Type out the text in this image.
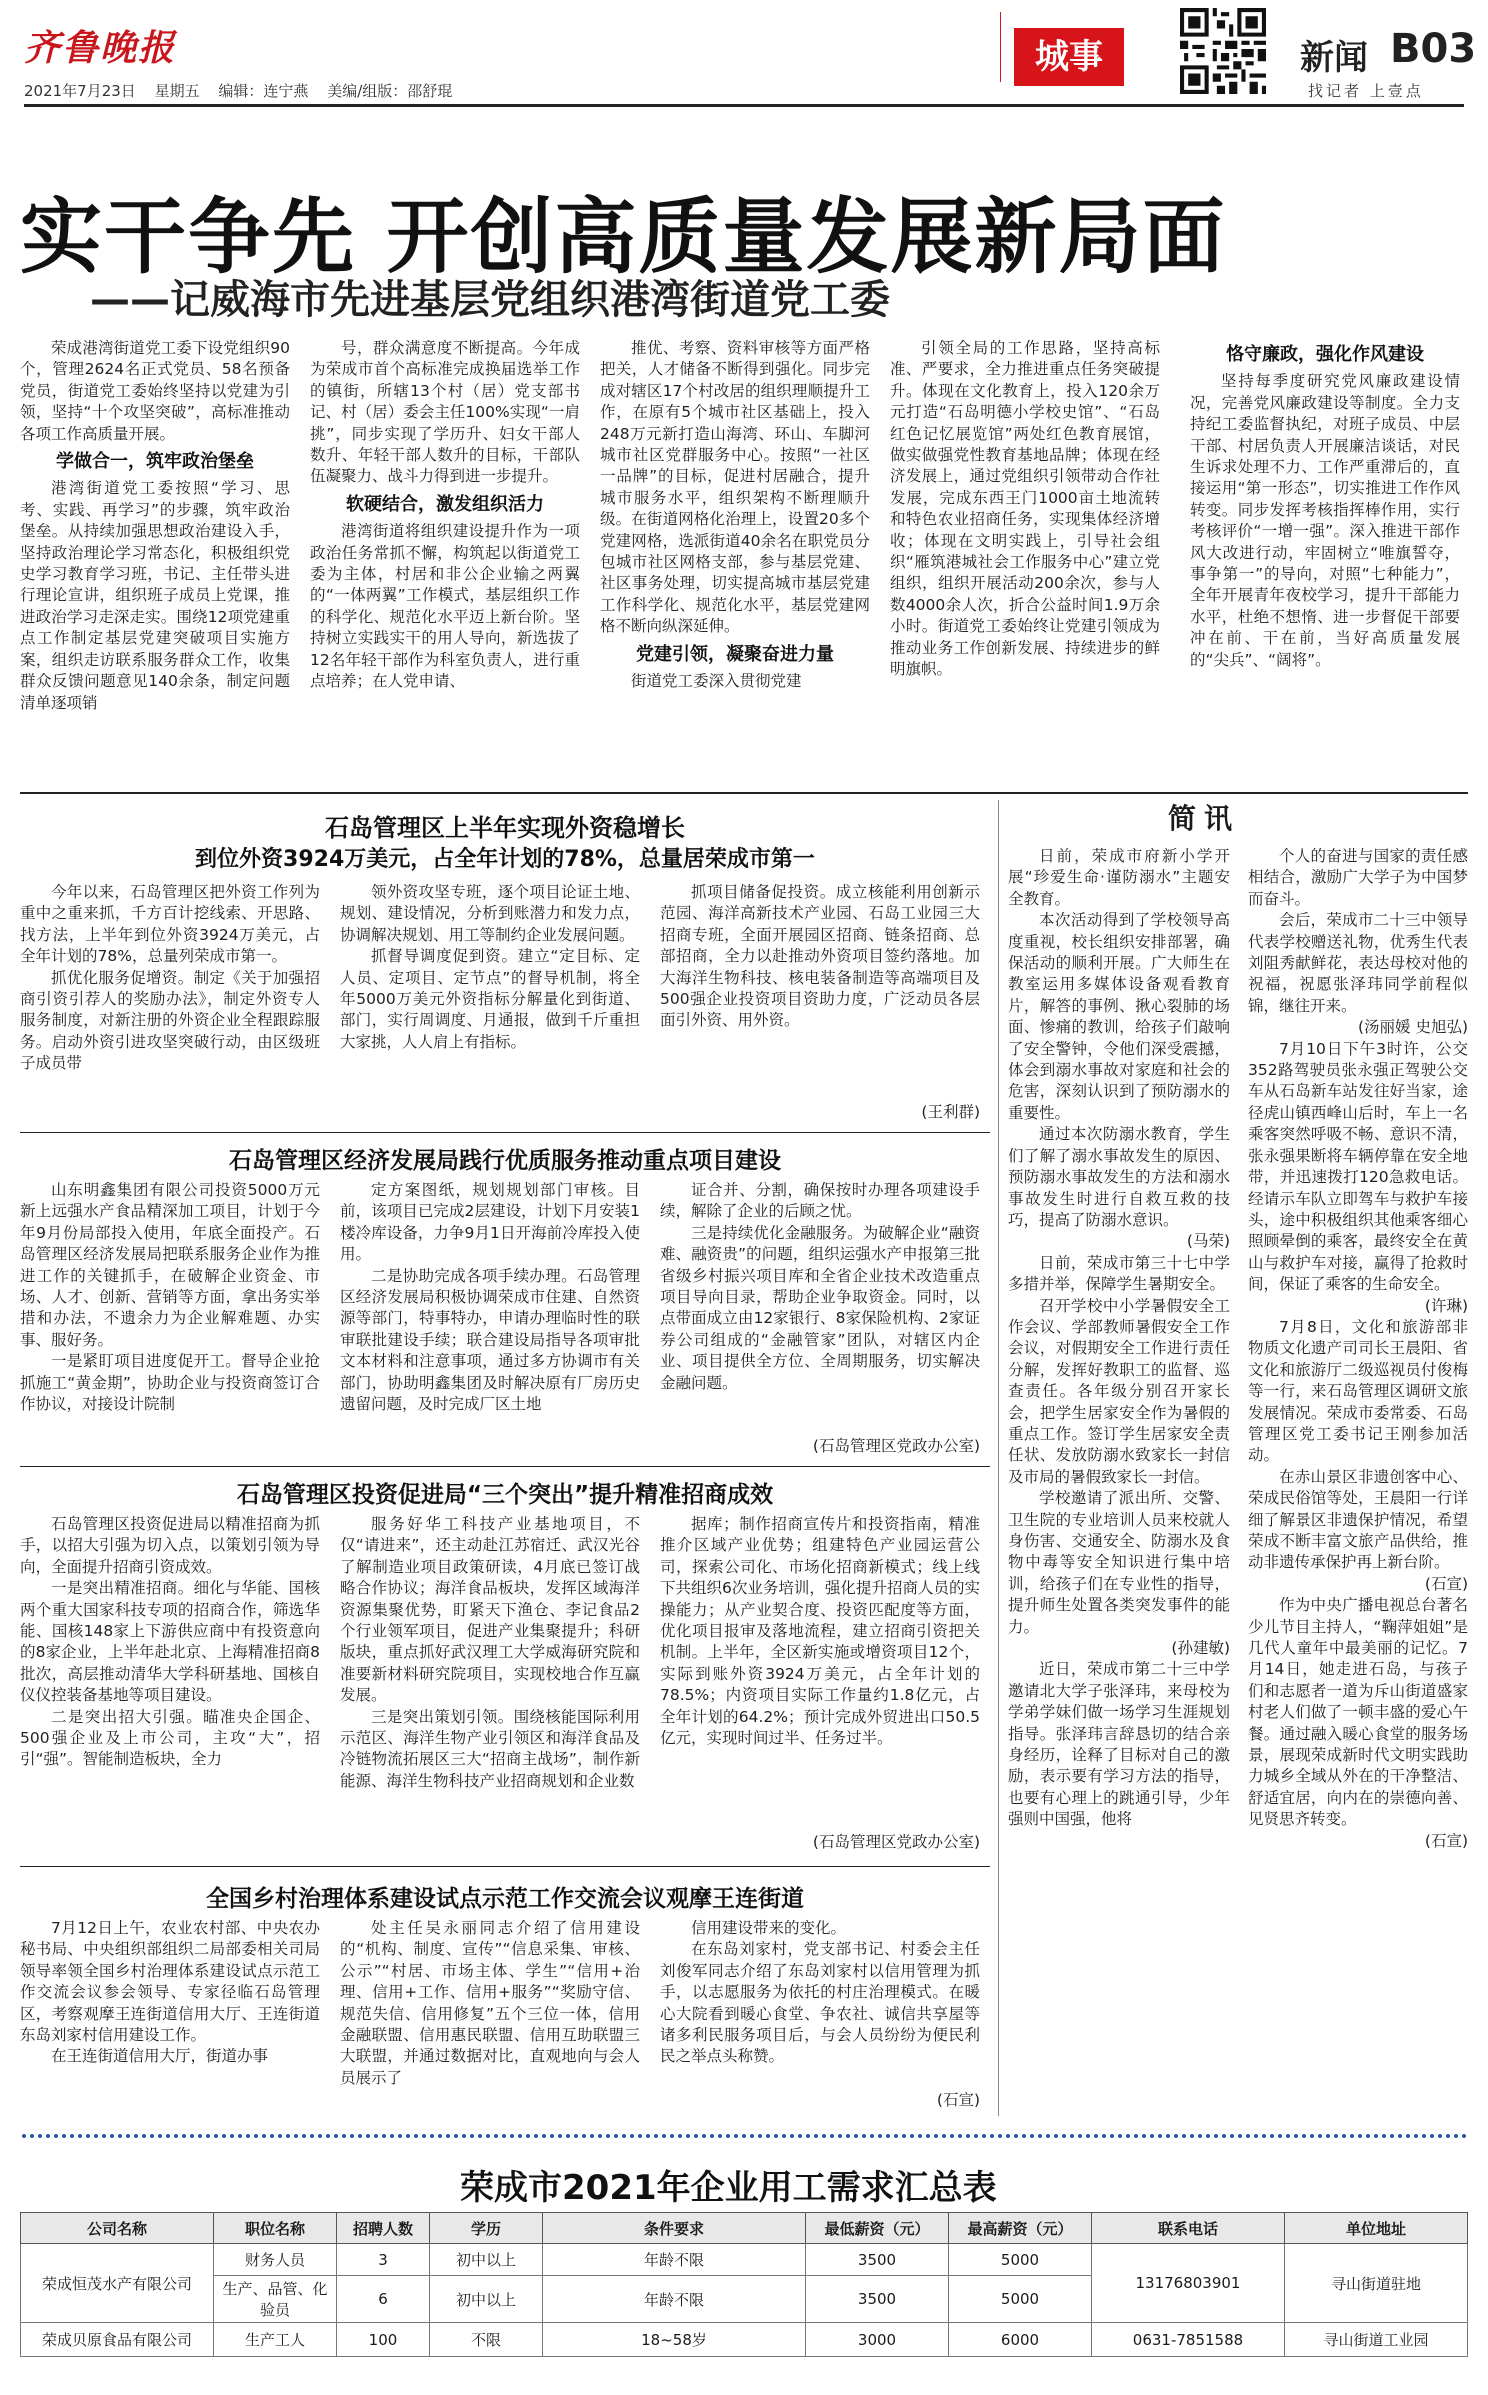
齐鲁晚报
2021年7月23日 星期五 编辑：连宁燕 美编/组版：邵舒琨
城事	新闻 B03
找记者 上壹点
实干争先 开创高质量发展新局面
——记威海市先进基层党组织港湾街道党工委

荣成港湾街道党工委下设党组织90个，管理2624名正式党员、58名预备党员，街道党工委始终坚持以党建为引领，坚持“十个攻坚突破”，高标准推动各项工作高质量开展。

学做合一，筑牢政治堡垒

港湾街道党工委按照“学习、思考、实践、再学习”的步骤，筑牢政治堡垒。从持续加强思想政治建设入手，坚持政治理论学习常态化，积极组织党史学习教育学习班，书记、主任带头进行理论宣讲，组织班子成员上党课，推进政治学习走深走实。围绕12项党建重点工作制定基层党建突破项目实施方案，组织走访联系服务群众工作，收集群众反馈问题意见140余条，制定问题清单逐项销

号，群众满意度不断提高。今年成为荣成市首个高标准完成换届选举工作的镇街，所辖13个村（居）党支部书记、村（居）委会主任100%实现“一肩挑”，同步实现了学历升、妇女干部人数升、年轻干部人数升的目标，干部队伍凝聚力、战斗力得到进一步提升。

软硬结合，激发组织活力

港湾街道将组织建设提升作为一项政治任务常抓不懈，构筑起以街道党工委为主体，村居和非公企业输之两翼的“一体两翼”工作模式，基层组织工作的科学化、规范化水平迈上新台阶。坚持树立实践实干的用人导向，新选拔了12名年轻干部作为科室负责人，进行重点培养；在人党申请、

推优、考察、资料审核等方面严格把关，人才储备不断得到强化。同步完成对辖区17个村改居的组织理顺提升工作，在原有5个城市社区基础上，投入248万元新打造山海湾、环山、车脚河城市社区党群服务中心。按照“一社区一品牌”的目标，促进村居融合，提升城市服务水平，组织架构不断理顺升级。在街道网格化治理上，设置20多个党建网格，选派街道40余名在职党员分包城市社区网格支部，参与基层党建、社区事务处理，切实提高城市基层党建工作科学化、规范化水平，基层党建网格不断向纵深延伸。

党建引领，凝聚奋进力量

街道党工委深入贯彻党建

引领全局的工作思路，坚持高标准、严要求，全力推进重点任务突破提升。体现在文化教育上，投入120余万元打造“石岛明德小学校史馆”、“石岛红色记忆展览馆”两处红色教育展馆，做实做强党性教育基地品牌；体现在经济发展上，通过党组织引领带动合作社发展，完成东西王门1000亩土地流转和特色农业招商任务，实现集体经济增收；体现在文明实践上，引导社会组织“雁筑港城社会工作服务中心”建立党组织，组织开展活动200余次，参与人数4000余人次，折合公益时间1.9万余小时。街道党工委始终让党建引领成为推动业务工作创新发展、持续进步的鲜明旗帜。

恪守廉政，强化作风建设

坚持每季度研究党风廉政建设情况，完善党风廉政建设等制度。全力支持纪工委监督执纪，对班子成员、中层干部、村居负责人开展廉洁谈话，对民生诉求处理不力、工作严重滞后的，直接运用“第一形态”，切实推进工作作风转变。同步发挥考核指挥棒作用，实行考核评价“一增一强”。深入推进干部作风大改进行动，牢固树立“唯旗誓夺，事争第一”的导向，对照“七种能力”，全年开展青年夜校学习，提升干部能力水平，杜绝不想惰、进一步督促干部要冲在前、干在前，当好高质量发展的“尖兵”、“阔将”。

石岛管理区上半年实现外资稳增长
到位外资3924万美元，占全年计划的78%，总量居荣成市第一

今年以来，石岛管理区把外资工作列为重中之重来抓，千方百计挖线索、开思路、找方法，上半年到位外资3924万美元，占全年计划的78%，总量列荣成市第一。

抓优化服务促增资。制定《关于加强招商引资引荐人的奖励办法》，制定外资专人服务制度，对新注册的外资企业全程跟踪服务。启动外资引进攻坚突破行动，由区级班子成员带

领外资攻坚专班，逐个项目论证土地、规划、建设情况，分析到账潜力和发力点，协调解决规划、用工等制约企业发展问题。

抓督导调度促到资。建立“定目标、定人员、定项目、定节点”的督导机制，将全年5000万美元外资指标分解量化到街道、部门，实行周调度、月通报，做到千斤重担大家挑，人人肩上有指标。

抓项目储备促投资。成立核能利用创新示范园、海洋高新技术产业园、石岛工业园三大招商专班，全面开展园区招商、链条招商、总部招商，全力以赴推动外资项目签约落地。加大海洋生物科技、核电装备制造等高端项目及500强企业投资项目资助力度，广泛动员各层面引外资、用外资。

(王利群)

石岛管理区经济发展局践行优质服务推动重点项目建设

山东明鑫集团有限公司投资5000万元新上远强水产食品精深加工项目，计划于今年9月份局部投入使用，年底全面投产。石岛管理区经济发展局把联系服务企业作为推进工作的关键抓手，在破解企业资金、市场、人才、创新、营销等方面，拿出务实举措和办法，不遗余力为企业解难题、办实事、服好务。

一是紧盯项目进度促开工。督导企业抢抓施工“黄金期”，协助企业与投资商签订合作协议，对接设计院制

定方案图纸，规划规划部门审核。目前，该项目已完成2层建设，计划下月安装1楼冷库设备，力争9月1日开海前冷库投入使用。

二是协助完成各项手续办理。石岛管理区经济发展局积极协调荣成市住建、自然资源等部门，特事特办，申请办理临时性的联审联批建设手续；联合建设局指导各项审批文本材料和注意事项，通过多方协调市有关部门，协助明鑫集团及时解决原有厂房历史遗留问题，及时完成厂区土地

证合并、分割，确保按时办理各项建设手续，解除了企业的后顾之忧。

三是持续优化金融服务。为破解企业“融资难、融资贵”的问题，组织运强水产申报第三批省级乡村振兴项目库和全省企业技术改造重点项目导向目录，帮助企业争取资金。同时，以点带面成立由12家银行、8家保险机构、2家证券公司组成的“金融管家”团队，对辖区内企业、项目提供全方位、全周期服务，切实解决金融问题。

(石岛管理区党政办公室)

石岛管理区投资促进局“三个突出”提升精准招商成效

石岛管理区投资促进局以精准招商为抓手，以招大引强为切入点，以策划引领为导向，全面提升招商引资成效。

一是突出精准招商。细化与华能、国核两个重大国家科技专项的招商合作，筛选华能、国核148家上下游供应商中有投资意向的8家企业，上半年赴北京、上海精准招商8批次，高层推动清华大学科研基地、国核自仪仪控装备基地等项目建设。

二是突出招大引强。瞄准央企国企、500强企业及上市公司，主攻“大”，招引“强”。智能制造板块，全力

服务好华工科技产业基地项目，不仅“请进来”，还主动赴江苏宿迁、武汉光谷了解制造业项目政策研读，4月底已签订战略合作协议；海洋食品板块，发挥区域海洋资源集聚优势，盯紧天下渔仓、李记食品2个行业领军项目，促进产业集聚提升；科研版块，重点抓好武汉理工大学威海研究院和准要新材料研究院项目，实现校地合作互赢发展。

三是突出策划引领。围绕核能国际利用示范区、海洋生物产业引领区和海洋食品及冷链物流拓展区三大“招商主战场”，制作新能源、海洋生物科技产业招商规划和企业数

据库；制作招商宣传片和投资指南，精准推介区域产业优势；组建特色产业园运营公司，探索公司化、市场化招商新模式；线上线下共组织6次业务培训，强化提升招商人员的实操能力；从产业契合度、投资匹配度等方面，优化项目报审及落地流程，建立招商引资把关机制。上半年，全区新实施或增资项目12个，实际到账外资3924万美元，占全年计划的78.5%；内资项目实际工作量约1.8亿元，占全年计划的64.2%；预计完成外贸进出口50.5亿元，实现时间过半、任务过半。

(石岛管理区党政办公室)

全国乡村治理体系建设试点示范工作交流会议观摩王连街道

7月12日上午，农业农村部、中央农办秘书局、中央组织部组织二局部委相关司局领导率领全国乡村治理体系建设试点示范工作交流会议参会领导、专家径临石岛管理区，考察观摩王连街道信用大厅、王连街道东岛刘家村信用建设工作。

在王连街道信用大厅，街道办事

处主任吴永丽同志介绍了信用建设的“机构、制度、宣传”“信息采集、审核、公示”“村居、市场主体、学生”“信用+治理、信用+工作、信用+服务”“奖励守信、规范失信、信用修复”五个三位一体，信用金融联盟、信用惠民联盟、信用互助联盟三大联盟，并通过数据对比，直观地向与会人员展示了

信用建设带来的变化。

在东岛刘家村，党支部书记、村委会主任刘俊军同志介绍了东岛刘家村以信用管理为抓手，以志愿服务为依托的村庄治理模式。在暖心大院看到暖心食堂、争农社、诚信共享屋等诸多利民服务项目后，与会人员纷纷为便民利民之举点头称赞。

(石宣)

简讯

日前，荣成市府新小学开展“珍爱生命·谨防溺水”主题安全教育。

本次活动得到了学校领导高度重视，校长组织安排部署，确保活动的顺利开展。广大师生在教室运用多媒体设备观看教育片，解答的事例、揪心裂肺的场面、惨痛的教训，给孩子们敲响了安全警钟，令他们深受震撼，体会到溺水事故对家庭和社会的危害，深刻认识到了预防溺水的重要性。

通过本次防溺水教育，学生们了解了溺水事故发生的原因、预防溺水事故发生的方法和溺水事故发生时进行自救互救的技巧，提高了防溺水意识。

(马荣)

日前，荣成市第三十七中学多措并举，保障学生暑期安全。

召开学校中小学暑假安全工作会议、学部教师暑假安全工作会议，对假期安全工作进行责任分解，发挥好教职工的监督、巡查责任。各年级分别召开家长会，把学生居家安全作为暑假的重点工作。签订学生居家安全责任状、发放防溺水致家长一封信及市局的暑假致家长一封信。

学校邀请了派出所、交警、卫生院的专业培训人员来校就人身伤害、交通安全、防溺水及食物中毒等安全知识进行集中培训，给孩子们在专业性的指导，提升师生处置各类突发事件的能力。

(孙建敏)

近日，荣成市第二十三中学邀请北大学子张泽玮，来母校为学弟学妹们做一场学习生涯规划指导。张泽玮言辞恳切的结合亲身经历，诠释了目标对自己的激励，表示要有学习方法的指导，也要有心理上的跳通引导，少年强则中国强，他将

个人的奋进与国家的责任感相结合，激励广大学子为中国梦而奋斗。

会后，荣成市二十三中领导代表学校赠送礼物，优秀生代表刘阻秀献鲜花，表达母校对他的祝福，祝愿张泽玮同学前程似锦，继往开来。

(汤丽媛 史旭弘)

7月10日下午3时许，公交352路驾驶员张永强正驾驶公交车从石岛新车站发往好当家，途径虎山镇西峰山后时，车上一名乘客突然呼吸不畅、意识不清，张永强果断将车辆停靠在安全地带，并迅速拨打120急救电话。经请示车队立即驾车与救护车接头，途中积极组织其他乘客细心照顾晕倒的乘客，最终安全在黄山与救护车对接，赢得了抢救时间，保证了乘客的生命安全。

(许琳)

7月8日，文化和旅游部非物质文化遗产司司长王晨阳、省文化和旅游厅二级巡视员付俊梅等一行，来石岛管理区调研文旅发展情况。荣成市委常委、石岛管理区党工委书记王刚参加活动。

在赤山景区非遗创客中心、荣成民俗馆等处，王晨阳一行详细了解景区非遗保护情况，希望荣成不断丰富文旅产品供给，推动非遗传承保护再上新台阶。

(石宣)

作为中央广播电视总台著名少儿节目主持人，“鞠萍姐姐”是几代人童年中最美丽的记忆。7月14日，她走进石岛，与孩子们和志愿者一道为斥山街道盛家村老人们做了一顿丰盛的爱心午餐。通过融入暖心食堂的服务场景，展现荣成新时代文明实践助力城乡全域从外在的干净整洁、舒适宜居，向内在的崇德向善、见贤思齐转变。

(石宣)

荣成市2021年企业用工需求汇总表
公司名称	职位名称	招聘人数	学历	条件要求	最低薪资（元）	最高薪资（元）	联系电话	单位地址
荣成恒茂水产有限公司	财务人员	3	初中以上	年龄不限	3500	5000	13176803901	寻山街道驻地
	生产、品管、化验员	6	初中以上	年龄不限	3500	5000		
荣成贝原食品有限公司	生产工人	100	不限	18~58岁	3000	6000	0631-7851588	寻山街道工业园
